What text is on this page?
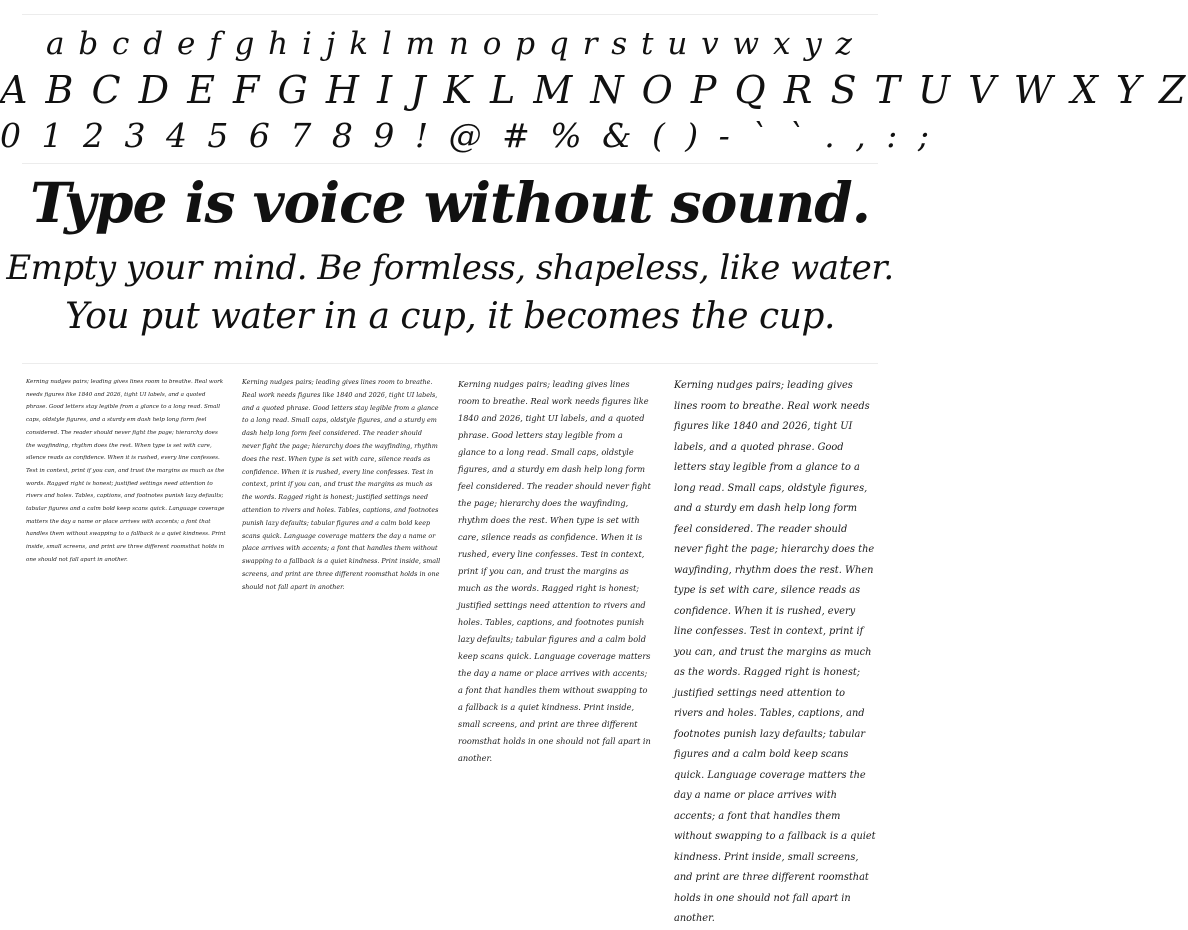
a b c d e f g h i j k l m n o p q r s t u v w x y z
A B C D E F G H I J K L M N O P Q R S T U V W X Y Z
0 1 2 3 4 5 6 7 8 9 ! @ # % & ( ) - ` ` . , : ;
Type is voice without sound.
Empty your mind. Be formless, shapeless, like water.
You put water in a cup, it becomes the cup.

Kerning nudges pairs; leading gives lines room to breathe. Real work needs figures like 1840 and 2026, tight UI labels, and a quoted phrase. Good letters stay legible from a glance to a long read. Small caps, oldstyle figures, and a sturdy em dash help long form feel considered. The reader should never fight the page; hierarchy does the wayfinding, rhythm does the rest. When type is set with care, silence reads as confidence. When it is rushed, every line confesses. Test in context, print if you can, and trust the margins as much as the words. Ragged right is honest; justified settings need attention to rivers and holes. Tables, captions, and footnotes punish lazy defaults; tabular figures and a calm bold keep scans quick. Language coverage matters the day a name or place arrives with accents; a font that handles them without swapping to a fallback is a quiet kindness. Print inside, small screens, and print are three different roomsthat holds in one should not fall apart in another.

Kerning nudges pairs; leading gives lines room to breathe. Real work needs figures like 1840 and 2026, tight UI labels, and a quoted phrase. Good letters stay legible from a glance to a long read. Small caps, oldstyle figures, and a sturdy em dash help long form feel considered. The reader should never fight the page; hierarchy does the wayfinding, rhythm does the rest. When type is set with care, silence reads as confidence. When it is rushed, every line confesses. Test in context, print if you can, and trust the margins as much as the words. Ragged right is honest; justified settings need attention to rivers and holes. Tables, captions, and footnotes punish lazy defaults; tabular figures and a calm bold keep scans quick. Language coverage matters the day a name or place arrives with accents; a font that handles them without swapping to a fallback is a quiet kindness. Print inside, small screens, and print are three different roomsthat holds in one should not fall apart in another.

Kerning nudges pairs; leading gives lines room to breathe. Real work needs figures like 1840 and 2026, tight UI labels, and a quoted phrase. Good letters stay legible from a glance to a long read. Small caps, oldstyle figures, and a sturdy em dash help long form feel considered. The reader should never fight the page; hierarchy does the wayfinding, rhythm does the rest. When type is set with care, silence reads as confidence. When it is rushed, every line confesses. Test in context, print if you can, and trust the margins as much as the words. Ragged right is honest; justified settings need attention to rivers and holes. Tables, captions, and footnotes punish lazy defaults; tabular figures and a calm bold keep scans quick. Language coverage matters the day a name or place arrives with accents; a font that handles them without swapping to a fallback is a quiet kindness. Print inside, small screens, and print are three different roomsthat holds in one should not fall apart in another.

Kerning nudges pairs; leading gives lines room to breathe. Real work needs figures like 1840 and 2026, tight UI labels, and a quoted phrase. Good letters stay legible from a glance to a long read. Small caps, oldstyle figures, and a sturdy em dash help long form feel considered. The reader should never fight the page; hierarchy does the wayfinding, rhythm does the rest. When type is set with care, silence reads as confidence. When it is rushed, every line confesses. Test in context, print if you can, and trust the margins as much as the words. Ragged right is honest; justified settings need attention to rivers and holes. Tables, captions, and footnotes punish lazy defaults; tabular figures and a calm bold keep scans quick. Language coverage matters the day a name or place arrives with accents; a font that handles them without swapping to a fallback is a quiet kindness. Print inside, small screens, and print are three different roomsthat holds in one should not fall apart in another.
